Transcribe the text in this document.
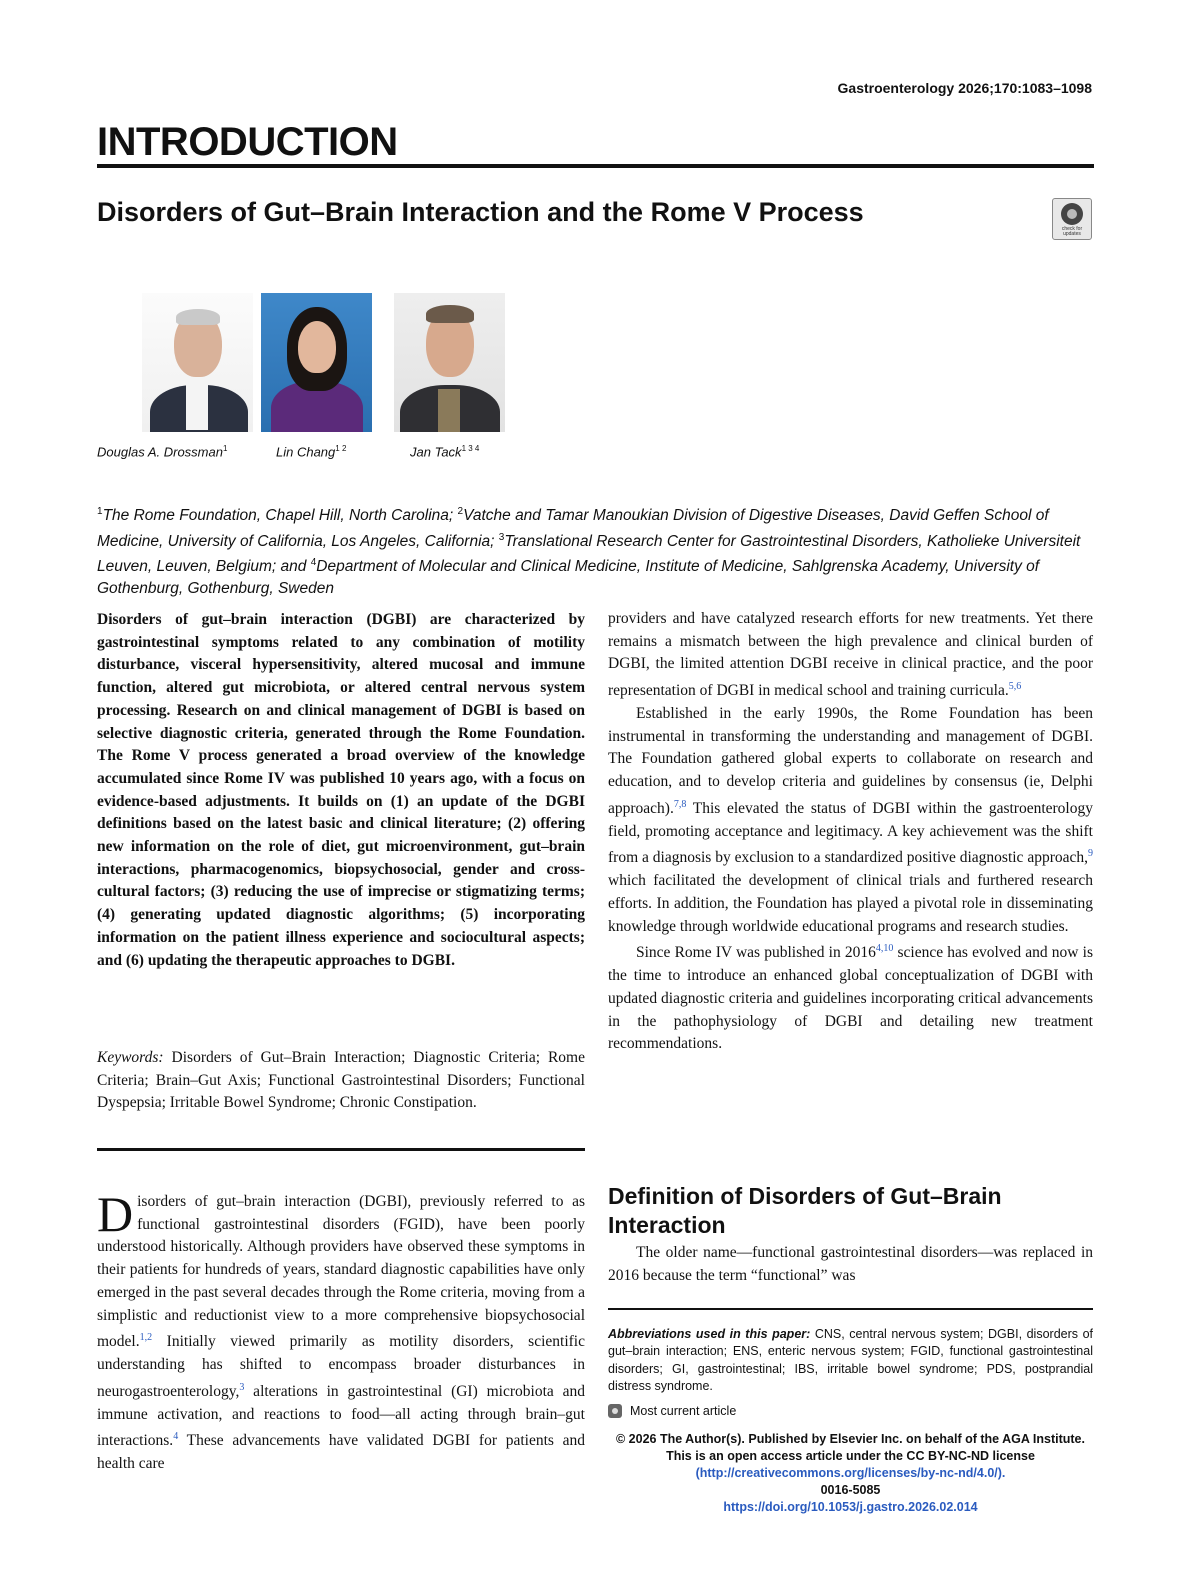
Gastroenterology 2026;170:1083–1098
INTRODUCTION
Disorders of Gut–Brain Interaction and the Rome V Process
check for updates
Douglas A. Drossman$^1$	Lin Chang$^{1 2}$	Jan Tack$^{1 3 4}$
$^1$The Rome Foundation, Chapel Hill, North Carolina; $^2$Vatche and Tamar Manoukian Division of Digestive Diseases, David Geffen School of Medicine, University of California, Los Angeles, California; $^3$Translational Research Center for Gastrointestinal Disorders, Katholieke Universiteit Leuven, Leuven, Belgium; and $^4$Department of Molecular and Clinical Medicine, Institute of Medicine, Sahlgrenska Academy, University of Gothenburg, Gothenburg, Sweden
Disorders of gut–brain interaction (DGBI) are characterized by gastrointestinal symptoms related to any combination of motility disturbance, visceral hypersensitivity, altered mucosal and immune function, altered gut microbiota, or altered central nervous system processing. Research on and clinical management of DGBI is based on selective diagnostic criteria, generated through the Rome Foundation. The Rome V process generated a broad overview of the knowledge accumulated since Rome IV was published 10 years ago, with a focus on evidence-based adjustments. It builds on (1) an update of the DGBI definitions based on the latest basic and clinical literature; (2) offering new information on the role of diet, gut microenvironment, gut–brain interactions, pharmacogenomics, biopsychosocial, gender and cross-cultural factors; (3) reducing the use of imprecise or stigmatizing terms; (4) generating updated diagnostic algorithms; (5) incorporating information on the patient illness experience and sociocultural aspects; and (6) updating the therapeutic approaches to DGBI.
Keywords: Disorders of Gut–Brain Interaction; Diagnostic Criteria; Rome Criteria; Brain–Gut Axis; Functional Gastrointestinal Disorders; Functional Dyspepsia; Irritable Bowel Syndrome; Chronic Constipation.
Disorders of gut–brain interaction (DGBI), previously referred to as functional gastrointestinal disorders (FGID), have been poorly understood historically. Although providers have observed these symptoms in their patients for hundreds of years, standard diagnostic capabilities have only emerged in the past several decades through the Rome criteria, moving from a simplistic and reductionist view to a more comprehensive biopsychosocial model.$^{1,2}$ Initially viewed primarily as motility disorders, scientific understanding has shifted to encompass broader disturbances in neurogastroenterology,$^3$ alterations in gastrointestinal (GI) microbiota and immune activation, and reactions to food—all acting through brain–gut interactions.$^4$ These advancements have validated DGBI for patients and health care

providers and have catalyzed research efforts for new treatments. Yet there remains a mismatch between the high prevalence and clinical burden of DGBI, the limited attention DGBI receive in clinical practice, and the poor representation of DGBI in medical school and training curricula.$^{5,6}$

Established in the early 1990s, the Rome Foundation has been instrumental in transforming the understanding and management of DGBI. The Foundation gathered global experts to collaborate on research and education, and to develop criteria and guidelines by consensus (ie, Delphi approach).$^{7,8}$ This elevated the status of DGBI within the gastroenterology field, promoting acceptance and legitimacy. A key achievement was the shift from a diagnosis by exclusion to a standardized positive diagnostic approach,$^9$ which facilitated the development of clinical trials and furthered research efforts. In addition, the Foundation has played a pivotal role in disseminating knowledge through worldwide educational programs and research studies.

Since Rome IV was published in 2016$^{4,10}$ science has evolved and now is the time to introduce an enhanced global conceptualization of DGBI with updated diagnostic criteria and guidelines incorporating critical advancements in the pathophysiology of DGBI and detailing new treatment recommendations.

Definition of Disorders of Gut–Brain Interaction

The older name—functional gastrointestinal disorders—was replaced in 2016 because the term “functional” was

Abbreviations used in this paper: CNS, central nervous system; DGBI, disorders of gut–brain interaction; ENS, enteric nervous system; FGID, functional gastrointestinal disorders; GI, gastrointestinal; IBS, irritable bowel syndrome; PDS, postprandial distress syndrome.
Most current article
© 2026 The Author(s). Published by Elsevier Inc. on behalf of the AGA Institute. This is an open access article under the CC BY-NC-ND license
(http://creativecommons.org/licenses/by-nc-nd/4.0/).
0016-5085
https://doi.org/10.1053/j.gastro.2026.02.014
